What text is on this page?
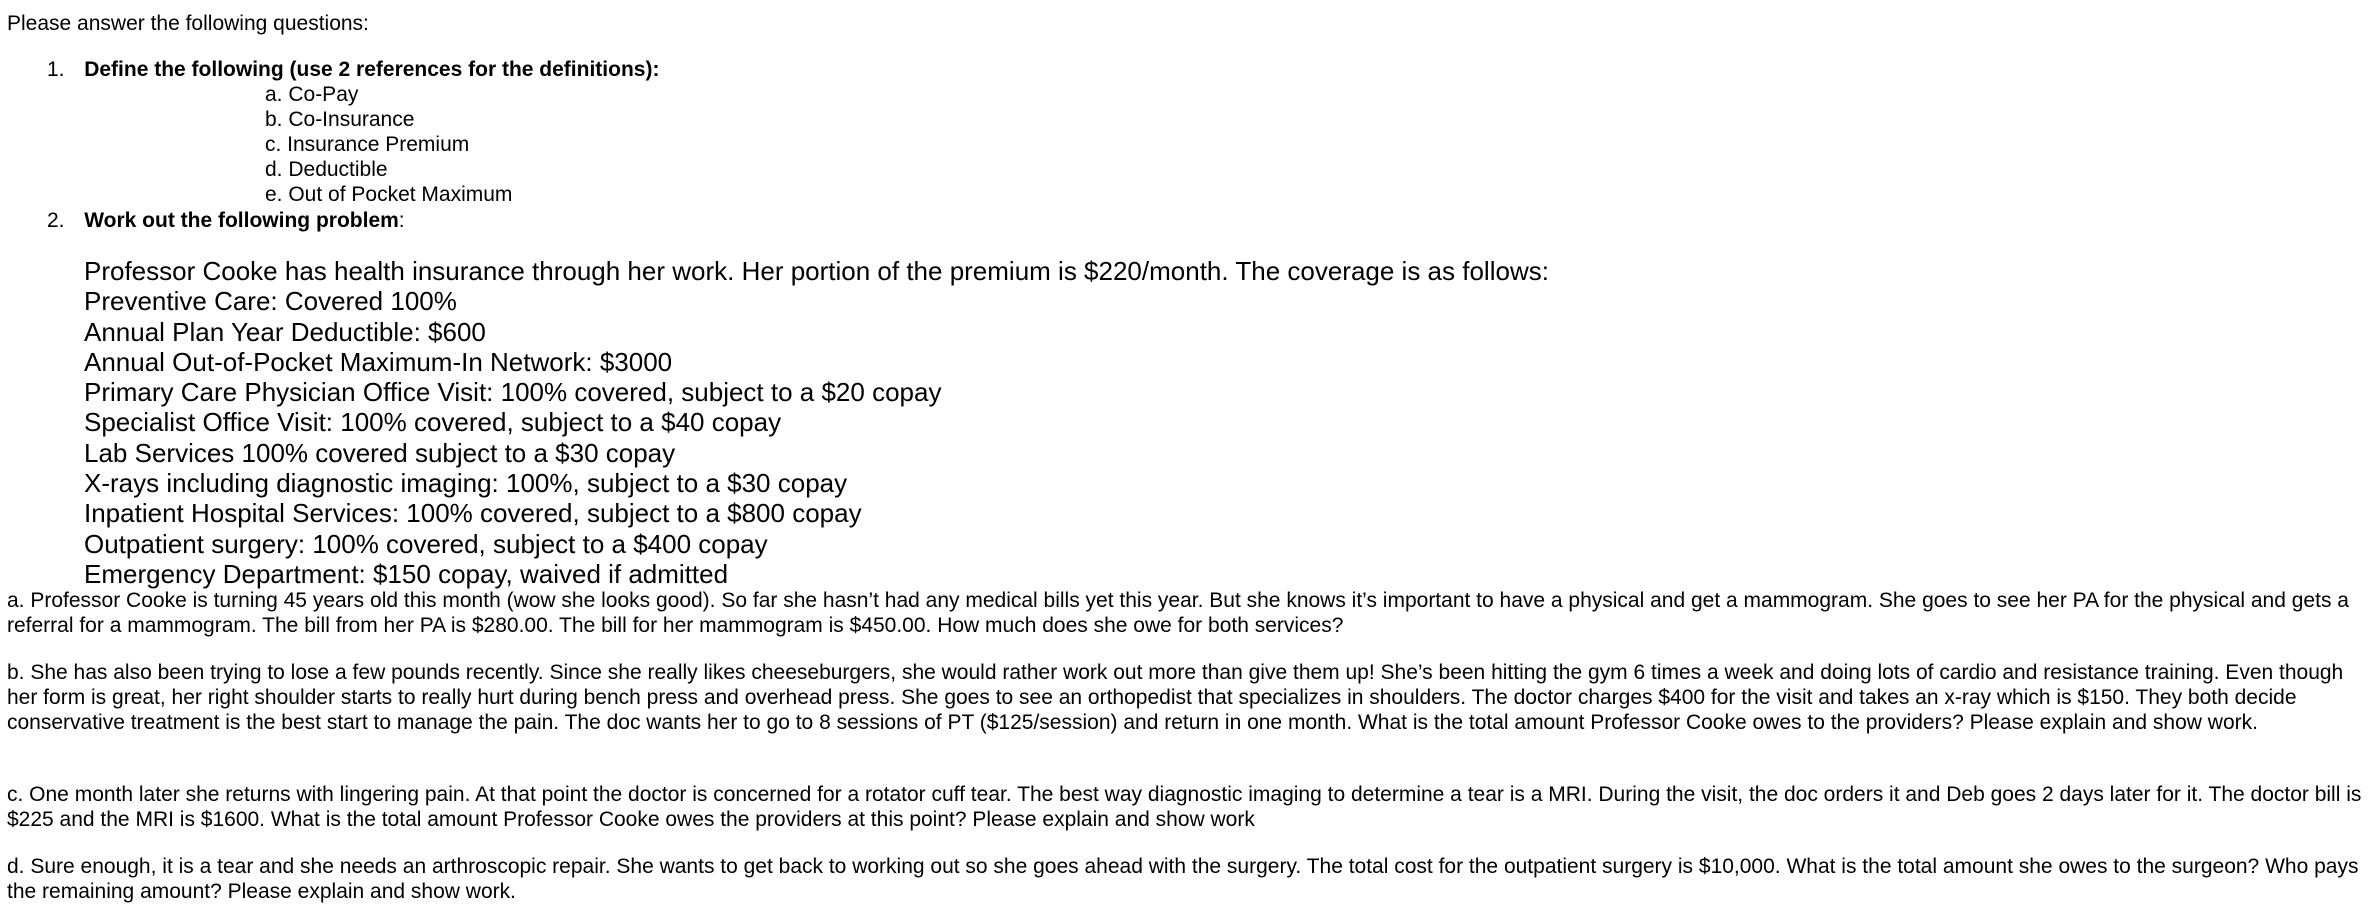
Please answer the following questions:
1. Define the following (use 2 references for the definitions):
a. Co-Pay
b. Co-Insurance
c. Insurance Premium
d. Deductible
e. Out of Pocket Maximum
2. Work out the following problem:
Professor Cooke has health insurance through her work. Her portion of the premium is $220/month. The coverage is as follows:
Preventive Care: Covered 100%
Annual Plan Year Deductible: $600
Annual Out-of-Pocket Maximum-In Network: $3000
Primary Care Physician Office Visit: 100% covered, subject to a $20 copay
Specialist Office Visit: 100% covered, subject to a $40 copay
Lab Services 100% covered subject to a $30 copay
X-rays including diagnostic imaging: 100%, subject to a $30 copay
Inpatient Hospital Services: 100% covered, subject to a $800 copay
Outpatient surgery: 100% covered, subject to a $400 copay
Emergency Department: $150 copay, waived if admitted
a. Professor Cooke is turning 45 years old this month (wow she looks good). So far she hasn’t had any medical bills yet this year. But she knows it’s important to have a physical and get a mammogram. She goes to see her PA for the physical and gets a referral for a mammogram. The bill from her PA is $280.00. The bill for her mammogram is $450.00. How much does she owe for both services?
b. She has also been trying to lose a few pounds recently. Since she really likes cheeseburgers, she would rather work out more than give them up! She’s been hitting the gym 6 times a week and doing lots of cardio and resistance training. Even though her form is great, her right shoulder starts to really hurt during bench press and overhead press. She goes to see an orthopedist that specializes in shoulders. The doctor charges $400 for the visit and takes an x-ray which is $150. They both decide conservative treatment is the best start to manage the pain. The doc wants her to go to 8 sessions of PT ($125/session) and return in one month. What is the total amount Professor Cooke owes to the providers? Please explain and show work.
c. One month later she returns with lingering pain. At that point the doctor is concerned for a rotator cuff tear. The best way diagnostic imaging to determine a tear is a MRI. During the visit, the doc orders it and Deb goes 2 days later for it. The doctor bill is $225 and the MRI is $1600. What is the total amount Professor Cooke owes the providers at this point? Please explain and show work
d. Sure enough, it is a tear and she needs an arthroscopic repair. She wants to get back to working out so she goes ahead with the surgery. The total cost for the outpatient surgery is $10,000. What is the total amount she owes to the surgeon? Who pays the remaining amount? Please explain and show work.
